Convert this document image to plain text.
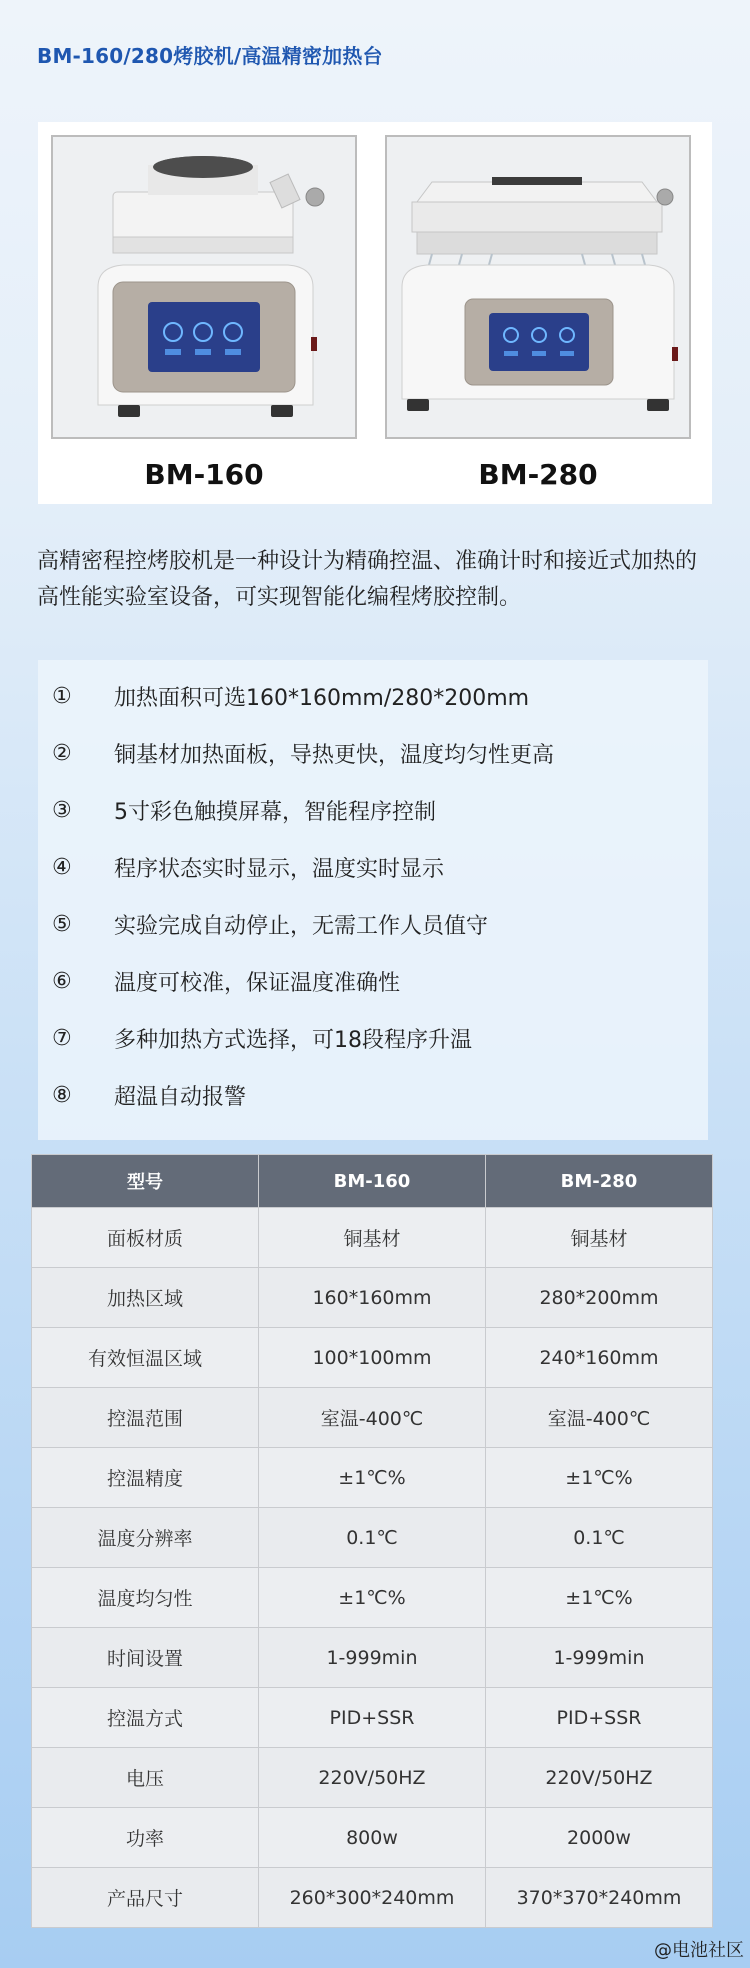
BM-160/280烤胶机/高温精密加热台
BM-160	BM-280
高精密程控烤胶机是一种设计为精确控温、准确计时和接近式加热的高性能实验室设备，可实现智能化编程烤胶控制。
①	加热面积可选160*160mm/280*200mm
②	铜基材加热面板，导热更快，温度均匀性更高
③	5寸彩色触摸屏幕，智能程序控制
④	程序状态实时显示，温度实时显示
⑤	实验完成自动停止，无需工作人员值守
⑥	温度可校准，保证温度准确性
⑦	多种加热方式选择，可18段程序升温
⑧	超温自动报警
型号	BM-160	BM-280
面板材质	铜基材	铜基材
加热区域	160*160mm	280*200mm
有效恒温区域	100*100mm	240*160mm
控温范围	室温-400℃	室温-400℃
控温精度	±1℃%	±1℃%
温度分辨率	0.1℃	0.1℃
温度均匀性	±1℃%	±1℃%
时间设置	1-999min	1-999min
控温方式	PID+SSR	PID+SSR
电压	220V/50HZ	220V/50HZ
功率	800w	2000w
产品尺寸	260*300*240mm	370*370*240mm
@电池社区
